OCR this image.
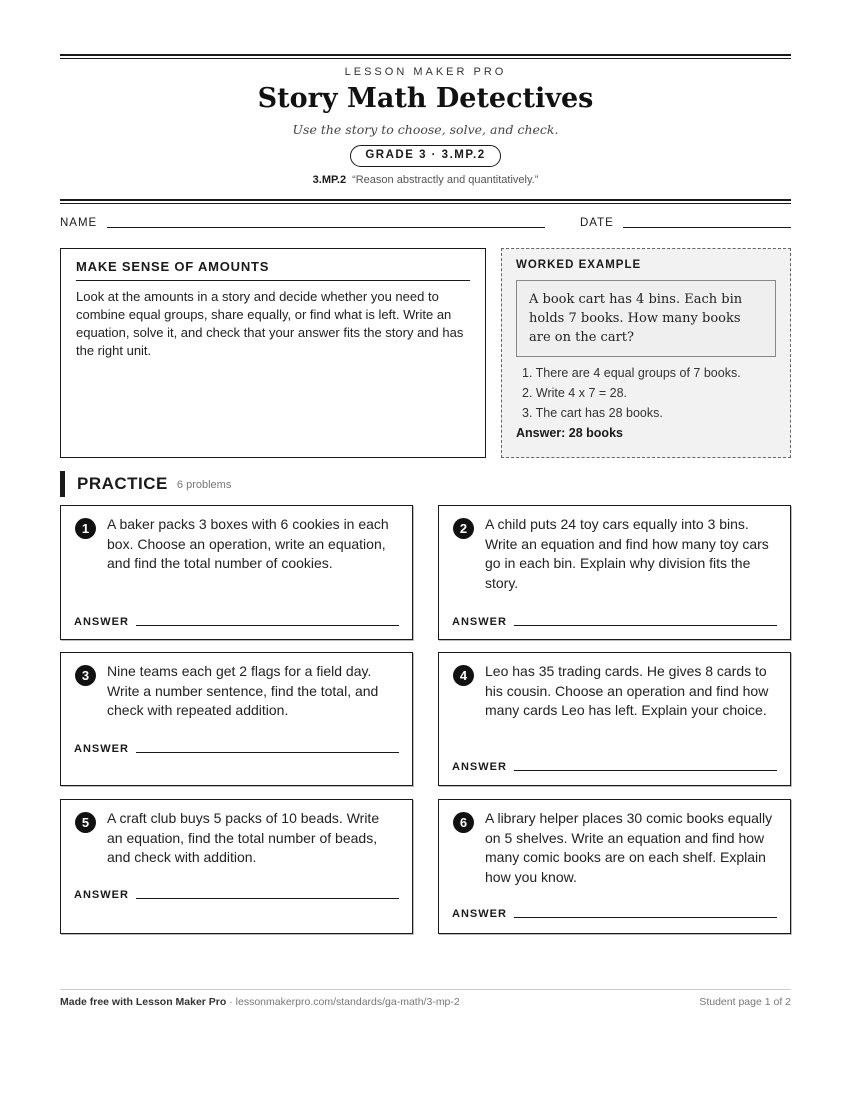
LESSON MAKER PRO
Story Math Detectives
Use the story to choose, solve, and check.
GRADE 3 · 3.MP.2
3.MP.2 “Reason abstractly and quantitatively.”
NAME	DATE
MAKE SENSE OF AMOUNTS

Look at the amounts in a story and decide whether you need to combine equal groups, share equally, or find what is left. Write an equation, solve it, and check that your answer fits the story and has the right unit.

WORKED EXAMPLE
A book cart has 4 bins. Each bin holds 7 books. How many books are on the cart?
1. There are 4 equal groups of 7 books.
2. Write 4 x 7 = 28.
3. The cart has 28 books.
Answer: 28 books
PRACTICE 6 problems
1	A baker packs 3 boxes with 6 cookies in each box. Choose an operation, write an equation, and find the total number of cookies.
ANSWER
2	A child puts 24 toy cars equally into 3 bins. Write an equation and find how many toy cars go in each bin. Explain why division fits the story.
ANSWER
3	Nine teams each get 2 flags for a field day. Write a number sentence, find the total, and check with repeated addition.
ANSWER
4	Leo has 35 trading cards. He gives 8 cards to his cousin. Choose an operation and find how many cards Leo has left. Explain your choice.
ANSWER
5	A craft club buys 5 packs of 10 beads. Write an equation, find the total number of beads, and check with addition.
ANSWER
6	A library helper places 30 comic books equally on 5 shelves. Write an equation and find how many comic books are on each shelf. Explain how you know.
ANSWER
Made free with Lesson Maker Pro · lessonmakerpro.com/standards/ga-math/3-mp-2	Student page 1 of 2
